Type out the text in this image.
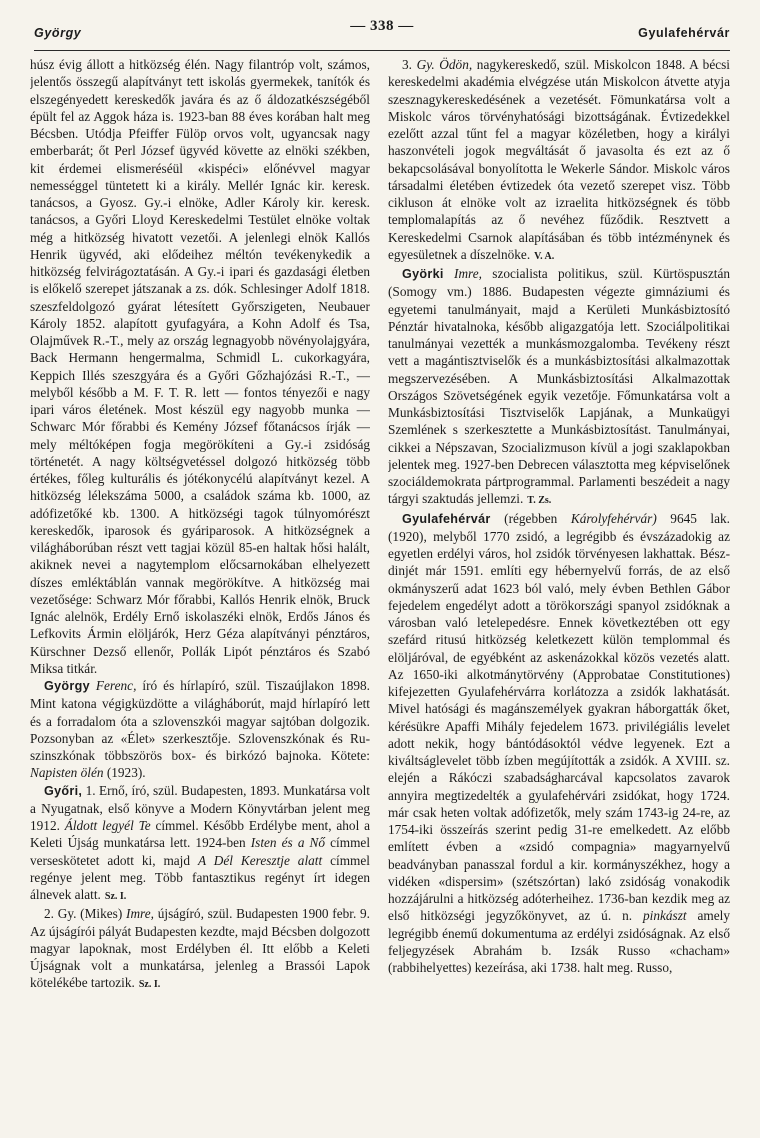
György	— 338 —	Gyulafehérvár

húsz évig állott a hitközség élén. Nagy filantróp volt, számos, jelentős összegű alapítványt tett iskolás gyermekek, tanítók és elszegényedett kereskedők javára és az ő áldozatkészségéből épült fel az Aggok háza is. 1923-ban 88 éves korában halt meg Bécsben. Utódja Pfeiffer Fülöp orvos volt, ugyancsak nagy emberbarát; őt Perl József ügyvéd követte az elnöki székben, kit érdemei elismeréséül «kispéci» előnévvel magyar nemességgel tüntetett ki a király. Mellér Ignác kir. keresk. tanácsos, a Gyosz. Gy.-i elnöke, Adler Károly kir. keresk. tanácsos, a Győri Lloyd Kereskedelmi Testület elnöke voltak még a hitközség hivatott vezetői. A jelenlegi elnök Kallós Henrik ügyvéd, aki elődeihez méltón tevékenykedik a hitközség felvirágoztatásán. A Gy.-i ipari és gazdasági életben is előkelő szerepet játszanak a zs. dók. Schlesinger Adolf 1818. szeszfeldolgozó gyárat létesített Győrszigeten, Neubauer Károly 1852. alapított gyufagyára, a Kohn Adolf és Tsa, Olajművek R.-T., mely az ország legnagyobb növényolajgyára, Back Hermann hengermalma, Schmidl L. cukorkagyára, Keppich Illés szeszgyára és a Győri Gőzhajózási R.-T., — melyből később a M. F. T. R. lett — fontos tényezői e nagy ipari város életének. Most készül egy nagyobb munka — Schwarc Mór főrabbi és Kemény József főtanácsos írják — mely méltóképen fogja megörökíteni a Gy.-i zsidóság történetét. A nagy költségvetéssel dolgozó hitközség több értékes, főleg kulturális és jótékonycélú alapítványt kezel. A hitközség lélekszáma 5000, a családok száma kb. 1000, az adófizetőké kb. 1300. A hitközségi tagok túlnyomórészt kereskedők, iparosok és gyáriparosok. A hitközségnek a világháborúban részt vett tagjai közül 85-en haltak hősi halált, akiknek nevei a nagytemplom előcsarnokában elhelyezett díszes emléktáblán vannak megörökítve. A hitközség mai vezetősége: Schwarz Mór főrabbi, Kallós Henrik elnök, Bruck Ignác alelnök, Erdély Ernő iskolaszéki elnök, Erdős János és Lefkovits Ármin elöljárók, Herz Géza alapítványi pénztáros, Kürschner Dezső ellenőr, Pollák Lipót pénztáros és Szabó Miksa titkár.

György Ferenc, író és hírlapíró, szül. Tiszaújlakon 1898. Mint katona végigküzdötte a világháborút, majd hírlapíró lett és a forradalom óta a szlovenszkói magyar sajtóban dolgozik. Pozsonyban az «Élet» szerkesztője. Szlovenszkónak és Ru-szinszkónak többszörös box- és birkózó bajnoka. Kötete: Napisten ölén (1923).

Győri, 1. Ernő, író, szül. Budapesten, 1893. Munkatársa volt a Nyugatnak, első könyve a Modern Könyvtárban jelent meg 1912. Áldott legyél Te címmel. Később Erdélybe ment, ahol a Keleti Újság munkatársa lett. 1924-ben Isten és a Nő címmel verseskötetet adott ki, majd A Dél Keresztje alatt címmel regénye jelent meg. Több fantasztikus regényt írt idegen álnevek alatt. Sz. I.

2. Gy. (Mikes) Imre, újságíró, szül. Budapesten 1900 febr. 9. Az újságírói pályát Budapesten kezdte, majd Bécsben dolgozott magyar lapoknak, most Erdélyben él. Itt előbb a Keleti Újságnak volt a munkatársa, jelenleg a Brassói Lapok kötelékébe tartozik. Sz. I.

3. Gy. Ödön, nagykereskedő, szül. Miskolcon 1848. A bécsi kereskedelmi akadémia elvégzése után Miskolcon átvette atyja szesznagykereskedésének a vezetését. Fömunkatársa volt a Miskolc város törvényhatósági bizottságának. Évtizedekkel ezelőtt azzal tűnt fel a magyar közéletben, hogy a királyi haszonvételi jogok megváltását ő javasolta és ezt az ő bekapcsolásával bonyolította le Wekerle Sándor. Miskolc város társadalmi életében évtizedek óta vezető szerepet visz. Több cikluson át elnöke volt az izraelita hitközségnek és több templomalapítás az ő nevéhez fűződik. Resztvett a Kereskedelmi Csarnok alapításában és több intézménynek és egyesületnek a díszelnöke. V. A.

Györki Imre, szocialista politikus, szül. Kürtöspusztán (Somogy vm.) 1886. Budapesten végezte gimnáziumi és egyetemi tanulmányait, majd a Kerületi Munkásbiztosító Pénztár hivatalnoka, később aligazgatója lett. Szociálpolitikai tanulmányai vezették a munkásmozgalomba. Tevékeny részt vett a magántisztviselők és a munkásbiztosítási alkalmazottak megszervezésében. A Munkásbiztosítási Alkalmazottak Országos Szövetségének egyik vezetője. Főmunkatársa volt a Munkásbiztosítási Tisztviselők Lapjának, a Munkaügyi Szemlének s szerkesztette a Munkásbiztosítást. Tanulmányai, cikkei a Népszavan, Szocializmuson kívül a jogi szaklapokban jelentek meg. 1927-ben Debrecen választotta meg képviselőnek szociáldemokrata pártprogrammal. Parlamenti beszédeit a nagy tárgyi szaktudás jellemzi. T. Zs.

Gyulafehérvár (régebben Károlyfehérvár) 9645 lak. (1920), melyből 1770 zsidó, a legrégibb és évszázadokig az egyetlen erdélyi város, hol zsidók törvényesen lakhattak. Bész-dinjét már 1591. említi egy hébernyelvű forrás, de az első okmányszerű adat 1623 ból való, mely évben Bethlen Gábor fejedelem engedélyt adott a törökországi spanyol zsidóknak a városban való letelepedésre. Ennek következtében ott egy szefárd ritusú hitközség keletkezett külön templommal és elöljáróval, de egyébként az askenázokkal közös vezetés alatt. Az 1650-iki alkotmánytörvény (Approbatae Constitutiones) kifejezetten Gyulafehérvárra korlátozza a zsidók lakhatását. Mivel hatósági és magánszemélyek gyakran háborgatták őket, kérésükre Apaffi Mihály fejedelem 1673. privilégiális levelet adott nekik, hogy bántódásoktól védve legyenek. Ezt a kiváltságlevelet több ízben megújították a zsidók. A XVIII. sz. elején a Rákóczi szabadságharcával kapcsolatos zavarok annyira megtizedelték a gyulafehérvári zsidókat, hogy 1724. már csak heten voltak adófizetők, mely szám 1743-ig 24-re, az 1754-iki összeírás szerint pedig 31-re emelkedett. Az előbb említett évben a «zsidó compagnia» magyarnyelvű beadványban panasszal fordul a kir. kormányszékhez, hogy a vidéken «dispersim» (szétszórtan) lakó zsidóság vonakodik hozzájárulni a hitközség adóterheihez. 1736-ban kezdik meg az első hitközségi jegyzőkönyvet, az ú. n. pinkászt amely legrégibb énemű dokumentuma az erdélyi zsidóságnak. Az első feljegyzések Abrahám b. Izsák Russo «chacham» (rabbihelyettes) kezeírása, aki 1738. halt meg. Russo,
